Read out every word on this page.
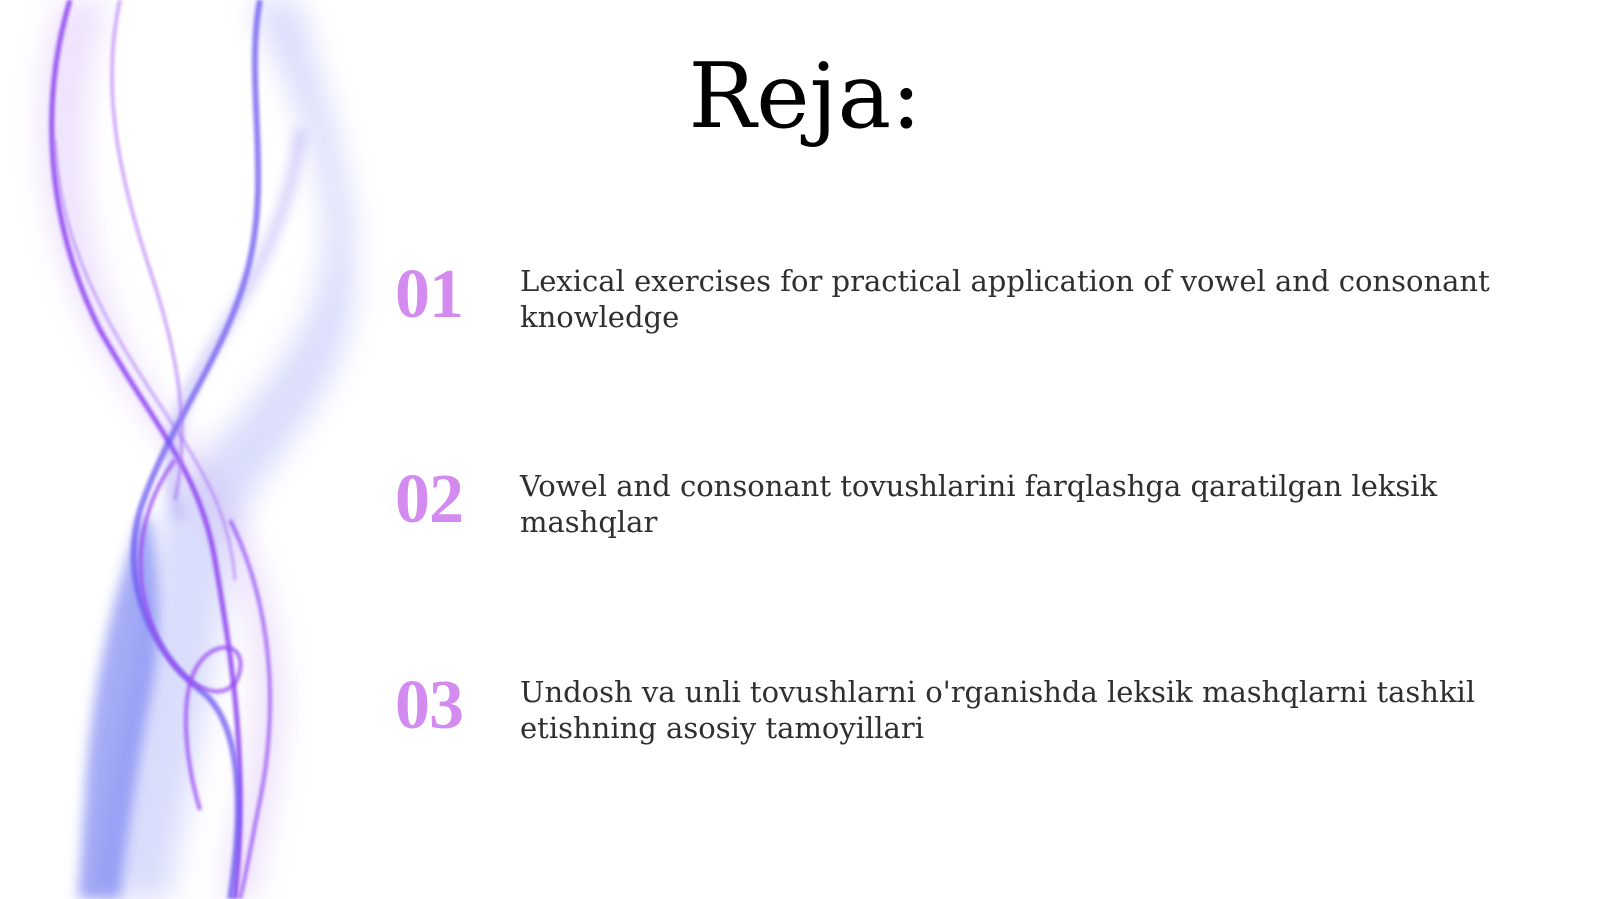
Reja:
01 Lexical exercises for practical application of vowel and consonant knowledge
02 Vowel and consonant tovushlarini farqlashga qaratilgan leksik mashqlar
03 Undosh va unli tovushlarni o'rganishda leksik mashqlarni tashkil etishning asosiy tamoyillari
